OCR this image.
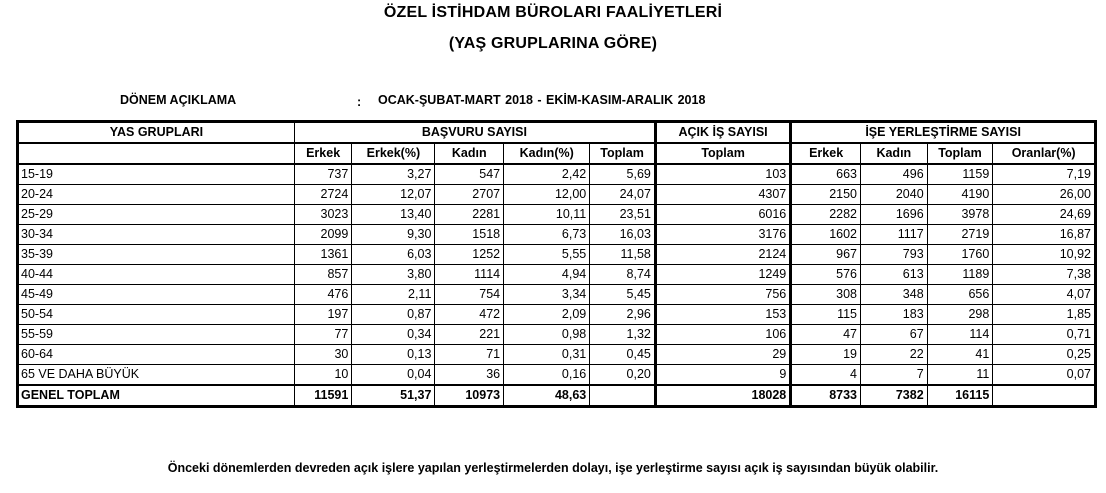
ÖZEL İSTİHDAM BÜROLARI FAALİYETLERİ
(YAŞ GRUPLARINA GÖRE)
DÖNEM AÇIKLAMA	: OCAK-ŞUBAT-MART 2018 - EKİM-KASIM-ARALIK 2018
YAS GRUPLARI	BAŞVURU SAYISI					AÇIK İŞ SAYISI	İŞE YERLEŞTİRME SAYISI			
	Erkek	Erkek(%)	Kadın	Kadın(%)	Toplam	Toplam	Erkek	Kadın	Toplam	Oranlar(%)
15-19	737	3,27	547	2,42	5,69	103	663	496	1159	7,19
20-24	2724	12,07	2707	12,00	24,07	4307	2150	2040	4190	26,00
25-29	3023	13,40	2281	10,11	23,51	6016	2282	1696	3978	24,69
30-34	2099	9,30	1518	6,73	16,03	3176	1602	1117	2719	16,87
35-39	1361	6,03	1252	5,55	11,58	2124	967	793	1760	10,92
40-44	857	3,80	1114	4,94	8,74	1249	576	613	1189	7,38
45-49	476	2,11	754	3,34	5,45	756	308	348	656	4,07
50-54	197	0,87	472	2,09	2,96	153	115	183	298	1,85
55-59	77	0,34	221	0,98	1,32	106	47	67	114	0,71
60-64	30	0,13	71	0,31	0,45	29	19	22	41	0,25
65 VE DAHA BÜYÜK	10	0,04	36	0,16	0,20	9	4	7	11	0,07
GENEL TOPLAM	11591	51,37	10973	48,63		18028	8733	7382	16115	
Önceki dönemlerden devreden açık işlere yapılan yerleştirmelerden dolayı, işe yerleştirme sayısı açık iş sayısından büyük olabilir.
